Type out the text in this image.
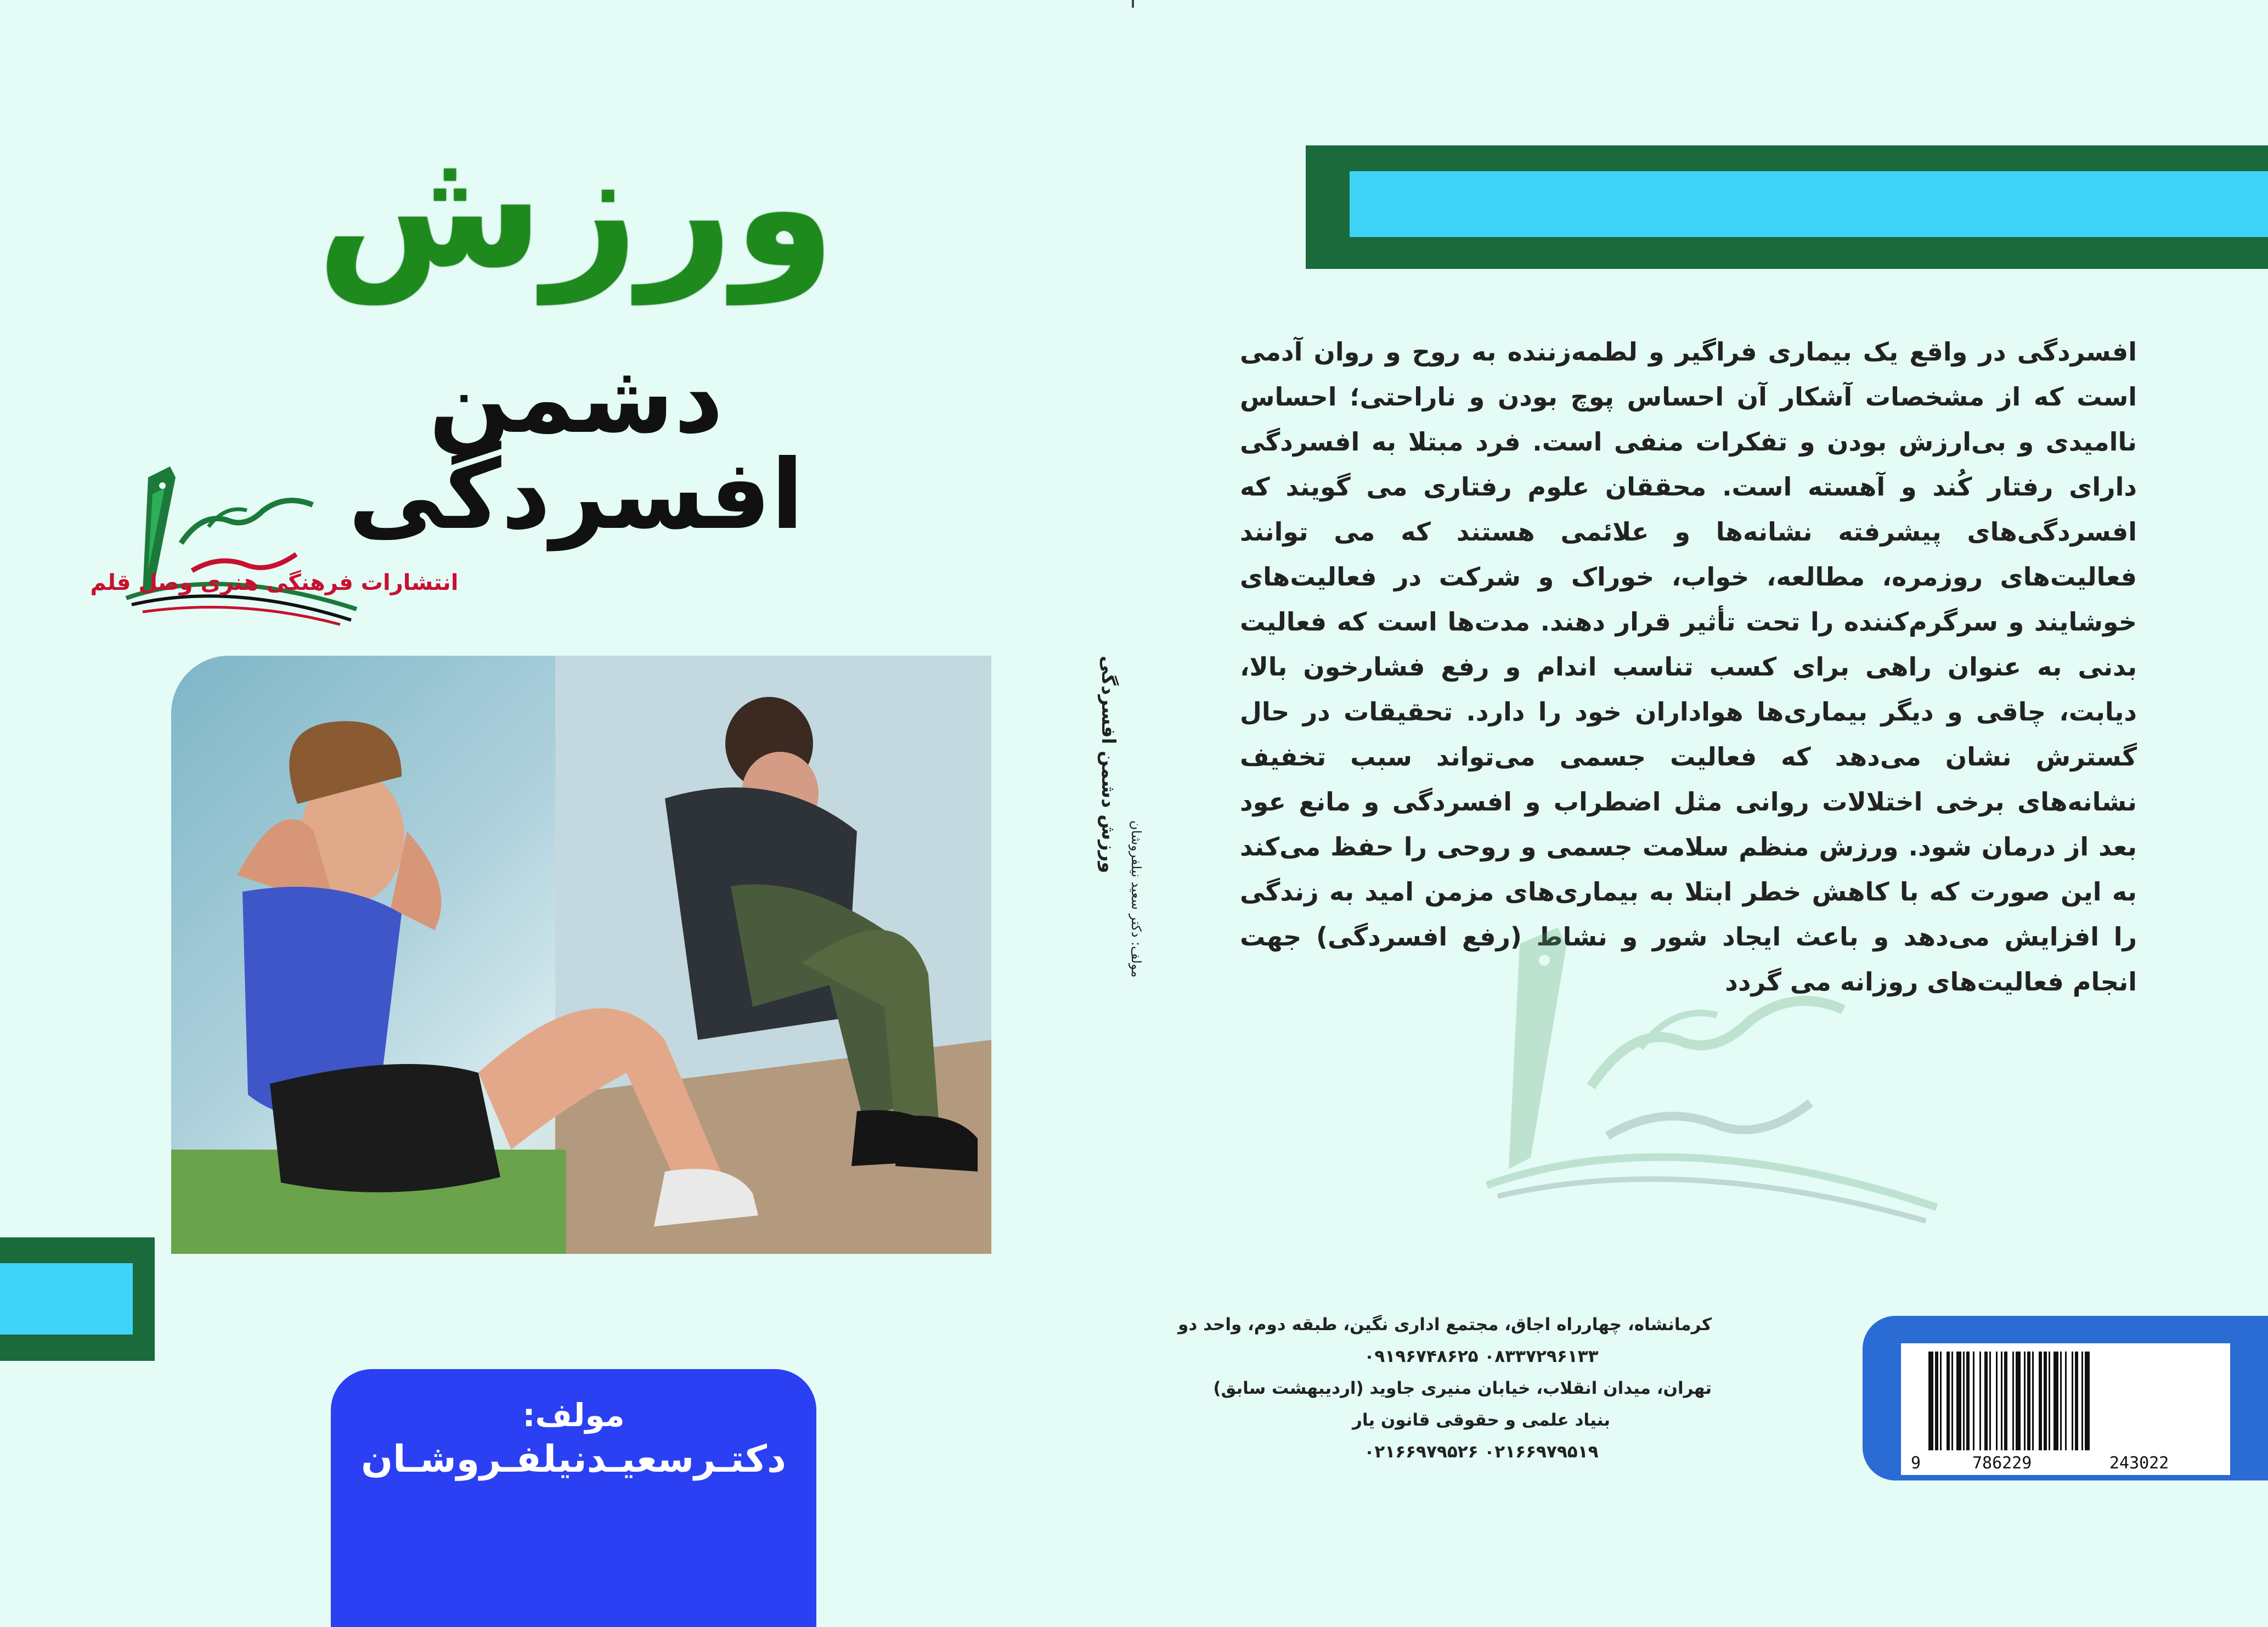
ورزش
دشمن افسردگی
انتشارات فرهنگی هنری وصل قلم
مولف:
دکتـرسعیـدنیلفـروشـان
ورزش دشمن افسردگی
مولف: دکتر سعید نیلفروشان
افسردگی در واقع یک بیماری فراگیر و لطمه‌زننده به روح و روان آدمی است که از مشخصات آشکار آن احساس پوچ بودن و ناراحتی؛ احساس ناامیدی و بی‌ارزش بودن و تفکرات منفی است. فرد مبتلا به افسردگی دارای رفتار کُند و آهسته است. محققان علوم رفتاری می گویند که افسردگی‌های پیشرفته نشانه‌ها و علائمی هستند که می توانند فعالیت‌های روزمره، مطالعه، خواب، خوراک و شرکت در فعالیت‌های خوشایند و سرگرم‌کننده را تحت تأثیر قرار دهند. مدت‌ها است که فعالیت بدنی به عنوان راهی برای کسب تناسب اندام و رفع فشارخون بالا، دیابت، چاقی و دیگر بیماری‌ها هواداران خود را دارد. تحقیقات در حال گسترش نشان می‌دهد که فعالیت جسمی می‌تواند سبب تخفیف نشانه‌های برخی اختلالات روانی مثل اضطراب و افسردگی و مانع عود بعد از درمان شود. ورزش منظم سلامت جسمی و روحی را حفظ می‌کند به این صورت که با کاهش خطر ابتلا به بیماری‌های مزمن امید به زندگی را افزایش می‌دهد و باعث ایجاد شور و نشاط (رفع افسردگی) جهت انجام فعالیت‌های روزانه می گردد
کرمانشاه، چهارراه اجاق، مجتمع اداری نگین، طبقه دوم، واحد دو
۰۸۳۳۷۲۹۶۱۳۳ ۰۹۱۹۶۷۴۸۶۲۵
تهران، میدان انقلاب، خیابان منیری جاوید (اردیبهشت سابق)
بنیاد علمی و حقوقی قانون یار
۰۲۱۶۶۹۷۹۵۱۹ ۰۲۱۶۶۹۷۹۵۲۶
9	786229	243022
